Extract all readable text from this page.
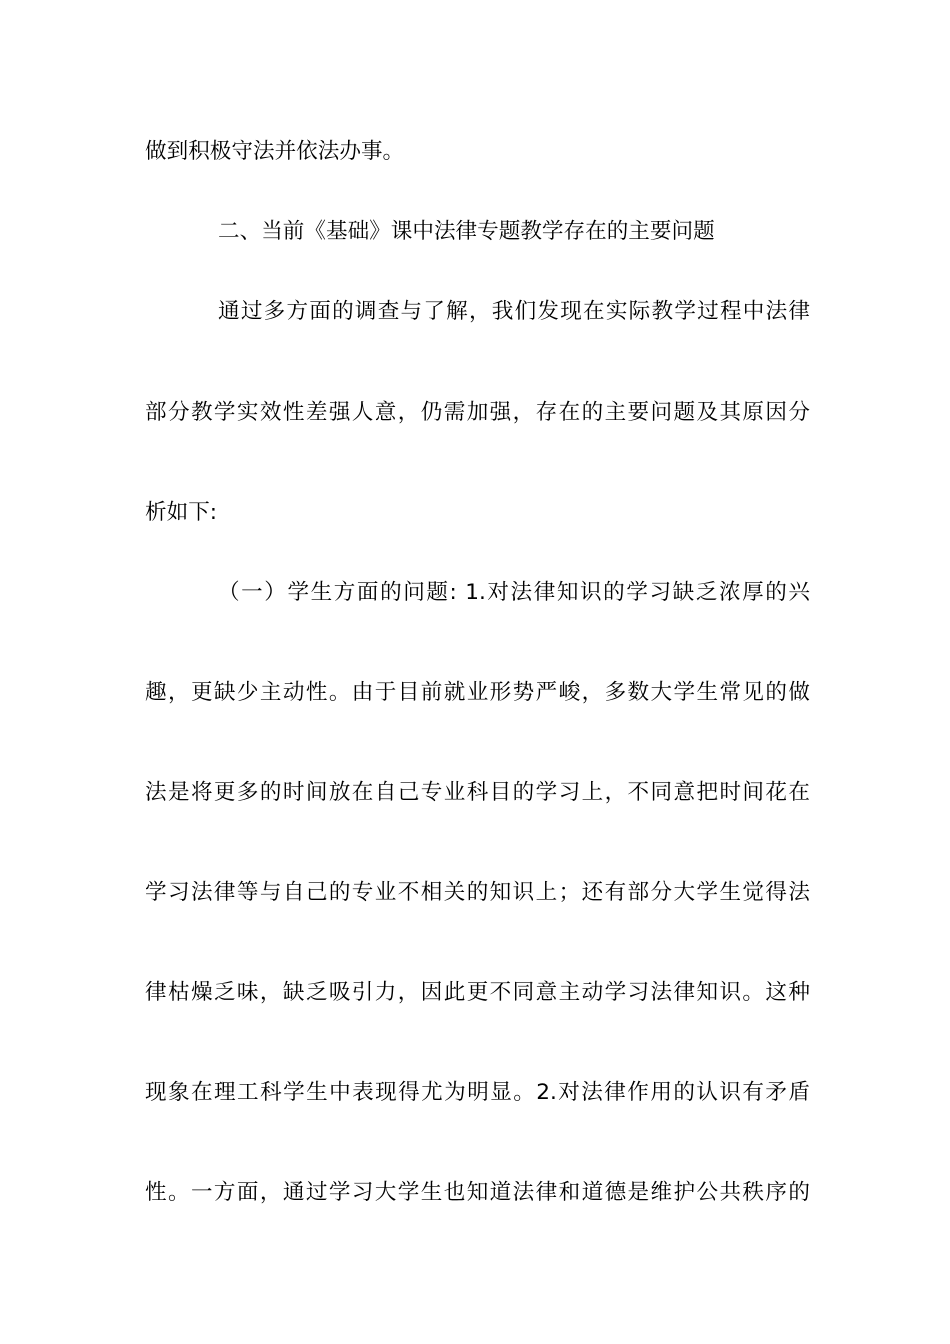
做到积极守法并依法办事。
二、当前《基础》课中法律专题教学存在的主要问题
通过多方面的调查与了解，我们发现在实际教学过程中法律
部分教学实效性差强人意，仍需加强，存在的主要问题及其原因分
析如下:
（一）学生方面的问题: 1.对法律知识的学习缺乏浓厚的兴
趣，更缺少主动性。由于目前就业形势严峻，多数大学生常见的做
法是将更多的时间放在自己专业科目的学习上，不同意把时间花在
学习法律等与自己的专业不相关的知识上；还有部分大学生觉得法
律枯燥乏味，缺乏吸引力，因此更不同意主动学习法律知识。这种
现象在理工科学生中表现得尤为明显。2.对法律作用的认识有矛盾
性。一方面，通过学习大学生也知道法律和道德是维护公共秩序的
